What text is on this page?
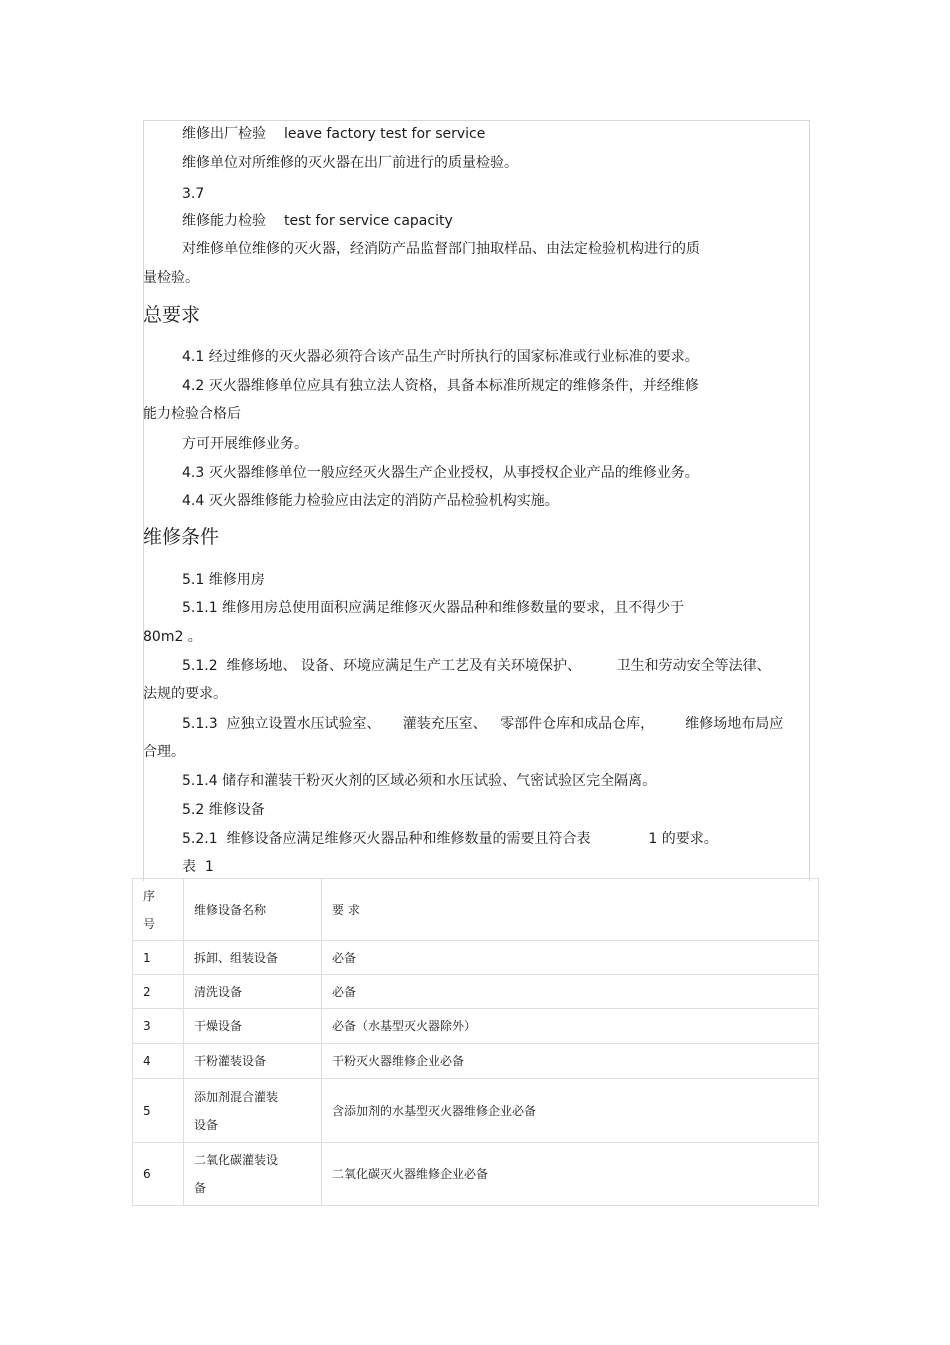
维修出厂检验 leave factory test for service
维修单位对所维修的灭火器在出厂前进行的质量检验。
3.7
维修能力检验 test for service capacity
对维修单位维修的灭火器，经消防产品监督部门抽取样品、由法定检验机构进行的质
量检验。
总要求
4.1 经过维修的灭火器必须符合该产品生产时所执行的国家标准或行业标准的要求。
4.2 灭火器维修单位应具有独立法人资格，具备本标准所规定的维修条件，并经维修
能力检验合格后
方可开展维修业务。
4.3 灭火器维修单位一般应经灭火器生产企业授权，从事授权企业产品的维修业务。
4.4 灭火器维修能力检验应由法定的消防产品检验机构实施。
维修条件
5.1 维修用房
5.1.1 维修用房总使用面积应满足维修灭火器品种和维修数量的要求，且不得少于
80m2 。
5.1.2  维修场地、 设备、环境应满足生产工艺及有关环境保护、        卫生和劳动安全等法律、
法规的要求。
5.1.3  应独立设置水压试验室、     灌装充压室、   零部件仓库和成品仓库，       维修场地布局应
合理。
5.1.4 储存和灌装干粉灭火剂的区域必须和水压试验、气密试验区完全隔离。
5.2 维修设备
5.2.1  维修设备应满足维修灭火器品种和维修数量的需要且符合表             1 的要求。
表  1
序
号	维修设备名称	要 求
1	拆卸、组装设备	必备
2	清洗设备	必备
3	干燥设备	必备（水基型灭火器除外）
4	干粉灌装设备	干粉灭火器维修企业必备
5	添加剂混合灌装
设备	含添加剂的水基型灭火器维修企业必备
6	二氧化碳灌装设
备	二氧化碳灭火器维修企业必备
